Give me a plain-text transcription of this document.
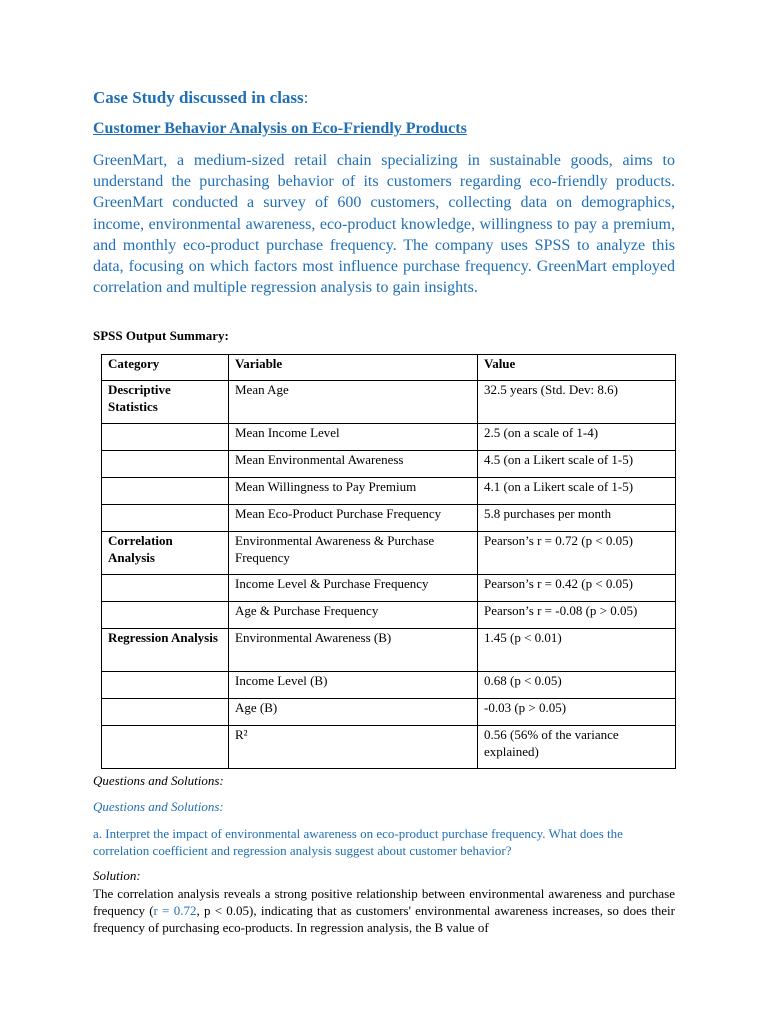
Case Study discussed in class:
Customer Behavior Analysis on Eco-Friendly Products

GreenMart, a medium-sized retail chain specializing in sustainable goods, aims to understand the purchasing behavior of its customers regarding eco-friendly products. GreenMart conducted a survey of 600 customers, collecting data on demographics, income, environmental awareness, eco-product knowledge, willingness to pay a premium, and monthly eco-product purchase frequency. The company uses SPSS to analyze this data, focusing on which factors most influence purchase frequency. GreenMart employed correlation and multiple regression analysis to gain insights.

SPSS Output Summary:
Category	Variable	Value
Descriptive Statistics	Mean Age	32.5 years (Std. Dev: 8.6)
	Mean Income Level	2.5 (on a scale of 1-4)
	Mean Environmental Awareness	4.5 (on a Likert scale of 1-5)
	Mean Willingness to Pay Premium	4.1 (on a Likert scale of 1-5)
	Mean Eco-Product Purchase Frequency	5.8 purchases per month
Correlation Analysis	Environmental Awareness & Purchase Frequency	Pearson’s r = 0.72 (p < 0.05)
	Income Level & Purchase Frequency	Pearson’s r = 0.42 (p < 0.05)
	Age & Purchase Frequency	Pearson’s r = -0.08 (p > 0.05)
Regression Analysis	Environmental Awareness (B)	1.45 (p < 0.01)
	Income Level (B)	0.68 (p < 0.05)
	Age (B)	-0.03 (p > 0.05)
	R²	0.56 (56% of the variance explained)
Questions and Solutions:
Questions and Solutions:

a. Interpret the impact of environmental awareness on eco-product purchase frequency. What does the correlation coefficient and regression analysis suggest about customer behavior?

Solution:

The correlation analysis reveals a strong positive relationship between environmental awareness and purchase frequency (r = 0.72, p < 0.05), indicating that as customers' environmental awareness increases, so does their frequency of purchasing eco-products. In regression analysis, the B value of
